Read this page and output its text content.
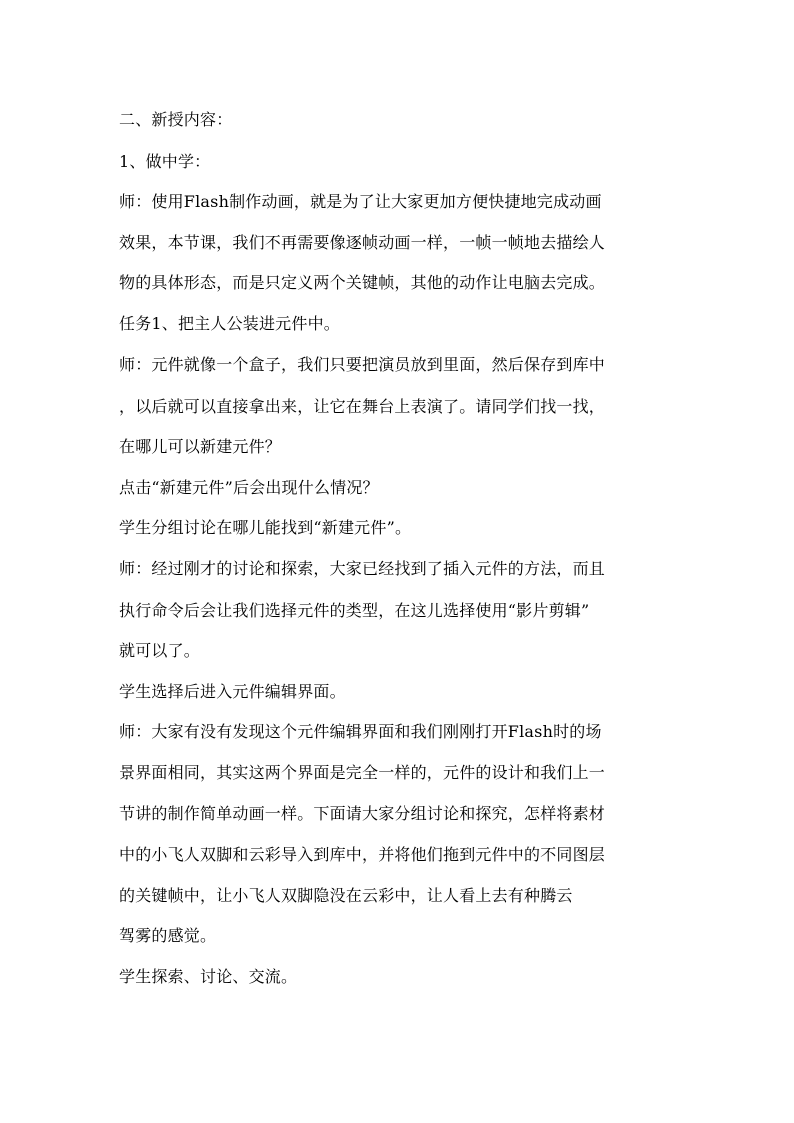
二、新授内容：
1、做中学：
师：使用Flash制作动画，就是为了让大家更加方便快捷地完成动画
效果，本节课，我们不再需要像逐帧动画一样，一帧一帧地去描绘人
物的具体形态，而是只定义两个关键帧，其他的动作让电脑去完成。
任务1、把主人公装进元件中。
师：元件就像一个盒子，我们只要把演员放到里面，然后保存到库中
，以后就可以直接拿出来，让它在舞台上表演了。请同学们找一找，
在哪儿可以新建元件？
点击“新建元件”后会出现什么情况？
学生分组讨论在哪儿能找到“新建元件”。
师：经过刚才的讨论和探索，大家已经找到了插入元件的方法，而且
执行命令后会让我们选择元件的类型，在这儿选择使用“影片剪辑”
就可以了。
学生选择后进入元件编辑界面。
师：大家有没有发现这个元件编辑界面和我们刚刚打开Flash时的场
景界面相同，其实这两个界面是完全一样的，元件的设计和我们上一
节讲的制作简单动画一样。下面请大家分组讨论和探究，怎样将素材
中的小飞人双脚和云彩导入到库中，并将他们拖到元件中的不同图层
的关键帧中，让小飞人双脚隐没在云彩中，让人看上去有种腾云
驾雾的感觉。
学生探索、讨论、交流。
